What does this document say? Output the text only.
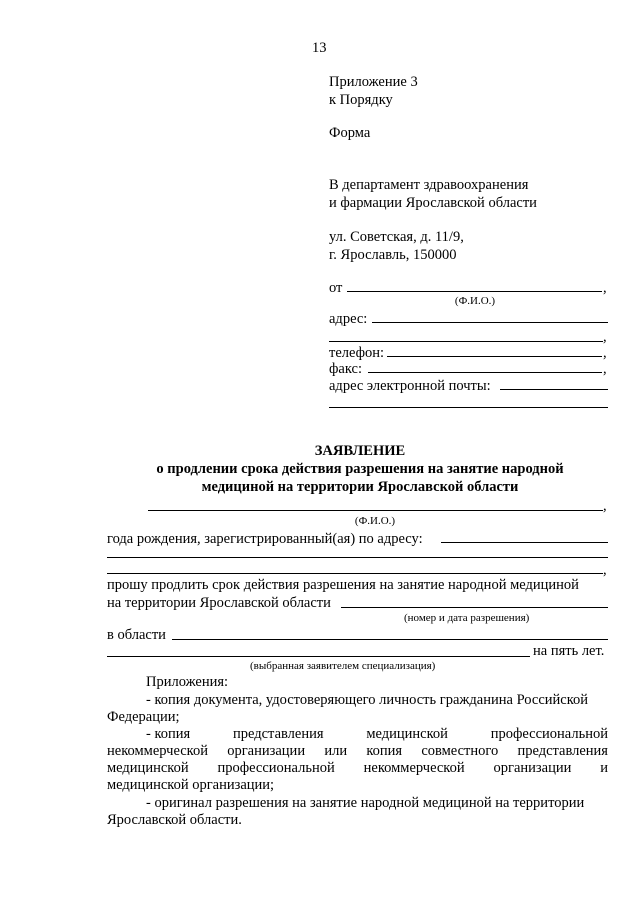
13
Приложение 3
к Порядку
Форма
В департамент здравоохранения
и фармации Ярославской области
ул. Советская, д. 11/9,
г. Ярославль, 150000
от	,
(Ф.И.О.)
адрес:
,
телефон:	,
факс:	,
адрес электронной почты:
ЗАЯВЛЕНИЕ
о продлении срока действия разрешения на занятие народной
медициной на территории Ярославской области
,
(Ф.И.О.)
года рождения, зарегистрированный(ая) по адресу:
,
прошу продлить срок действия разрешения на занятие народной медициной
на территории Ярославской области
(номер и дата разрешения)
в области
на пять лет.
(выбранная заявителем специализация)
Приложения:
- копия документа, удостоверяющего личность гражданина Российской
Федерации;
- копия	представления	медицинской	профессиональной
некоммерческой организации или копия совместного представления
медицинской профессиональной некоммерческой организации и
медицинской организации;
- оригинал разрешения на занятие народной медициной на территории
Ярославской области.
